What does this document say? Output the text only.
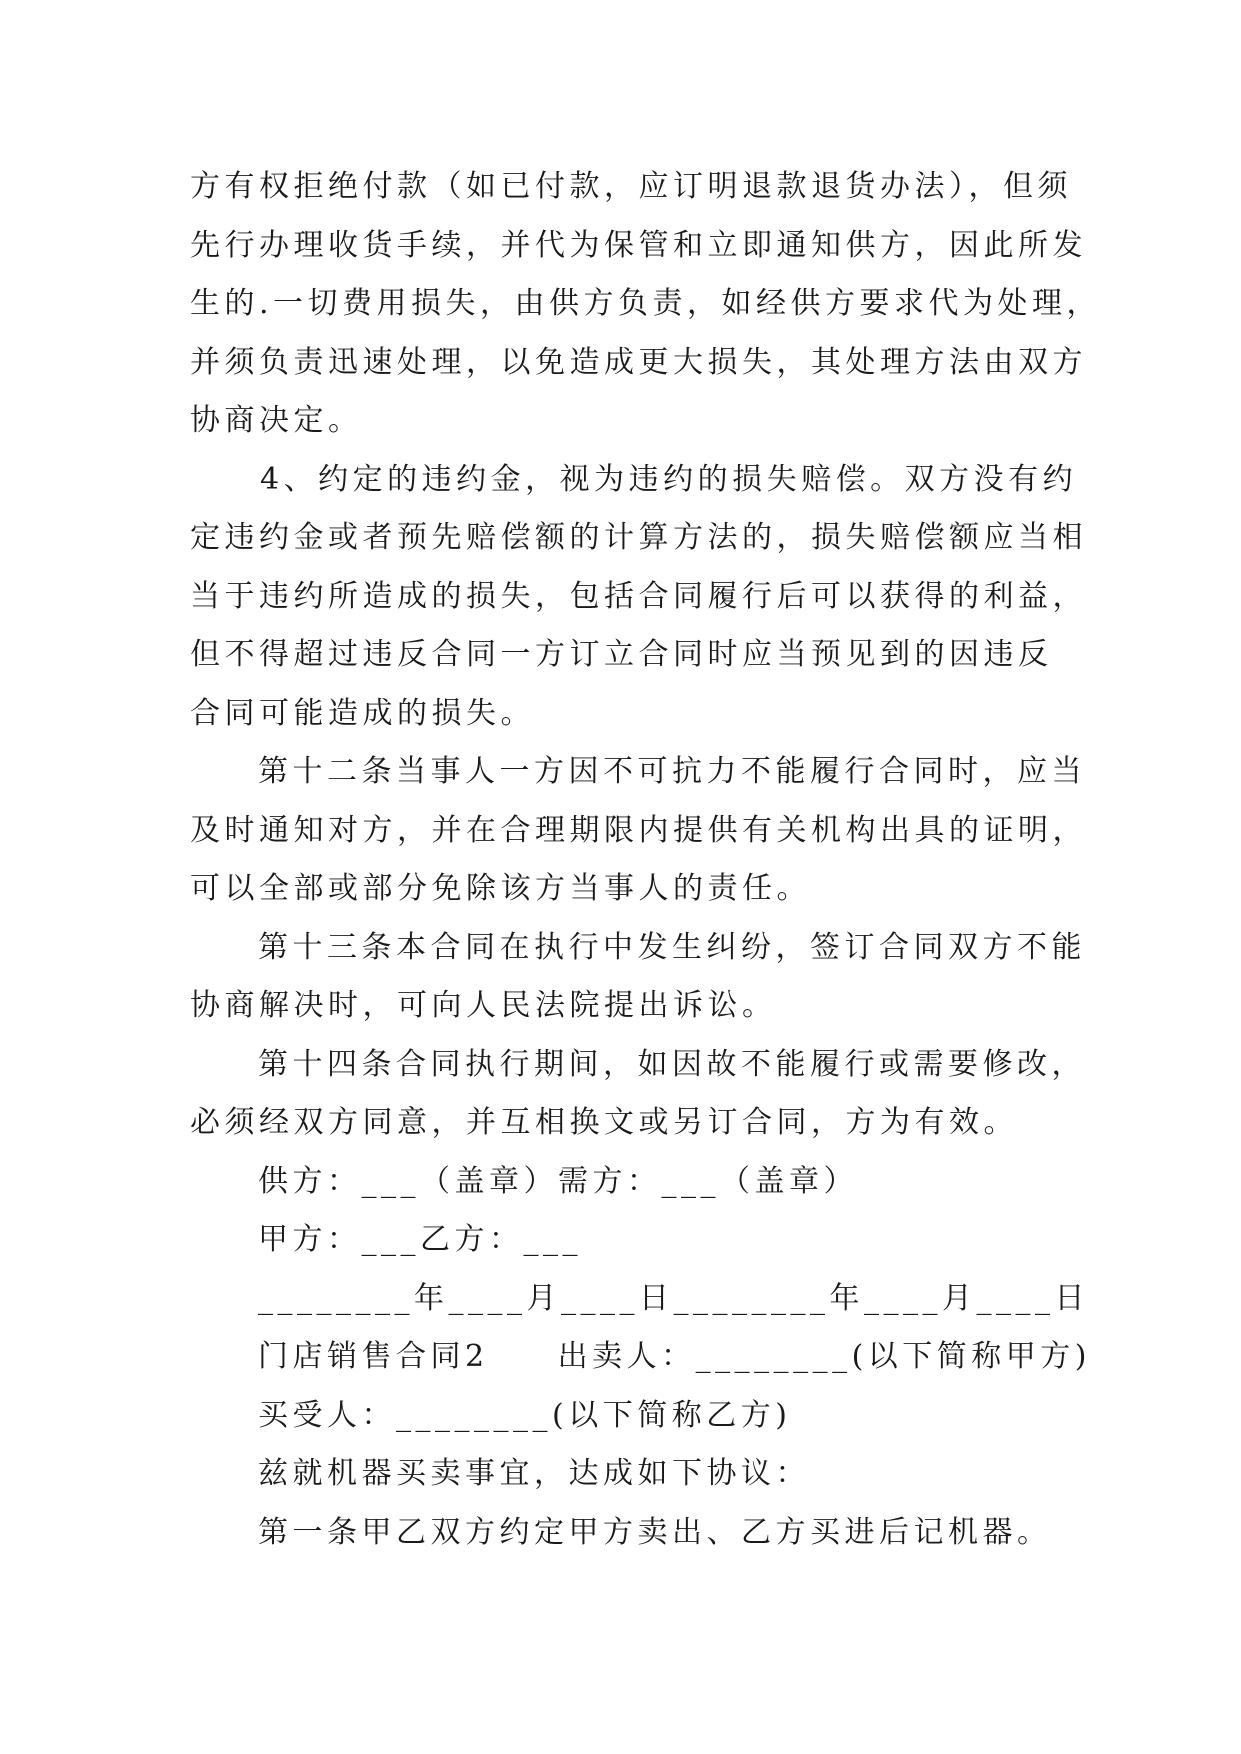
方有权拒绝付款（如已付款，应订明退款退货办法），但须
先行办理收货手续，并代为保管和立即通知供方，因此所发
生的.一切费用损失，由供方负责，如经供方要求代为处理，
并须负责迅速处理，以免造成更大损失，其处理方法由双方
协商决定。
4、约定的违约金，视为违约的损失赔偿。双方没有约
定违约金或者预先赔偿额的计算方法的，损失赔偿额应当相
当于违约所造成的损失，包括合同履行后可以获得的利益，
但不得超过违反合同一方订立合同时应当预见到的因违反
合同可能造成的损失。
第十二条当事人一方因不可抗力不能履行合同时，应当
及时通知对方，并在合理期限内提供有关机构出具的证明，
可以全部或部分免除该方当事人的责任。
第十三条本合同在执行中发生纠纷，签订合同双方不能
协商解决时，可向人民法院提出诉讼。
第十四条合同执行期间，如因故不能履行或需要修改，
必须经双方同意，并互相换文或另订合同，方为有效。
供方：___（盖章）需方：___（盖章）
甲方：___乙方：___
________年____月____日________年____月____日
门店销售合同2　　出卖人：________(以下简称甲方)
买受人：________(以下简称乙方)
兹就机器买卖事宜，达成如下协议：
第一条甲乙双方约定甲方卖出、乙方买进后记机器。
